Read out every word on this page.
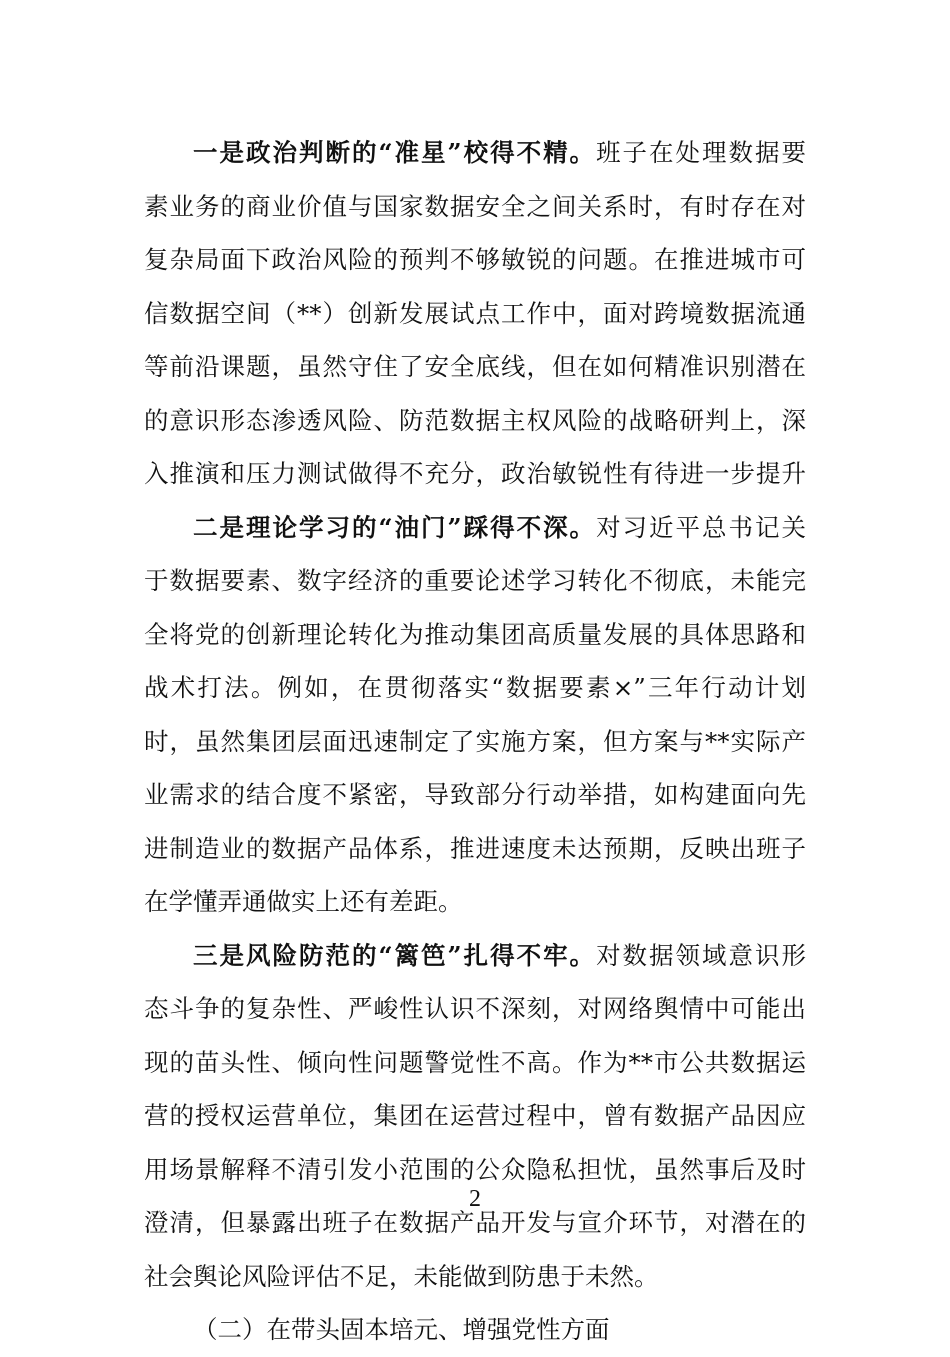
一是政治判断的“准星”校得不精。班子在处理数据要
素业务的商业价值与国家数据安全之间关系时，有时存在对
复杂局面下政治风险的预判不够敏锐的问题。在推进城市可
信数据空间（**）创新发展试点工作中，面对跨境数据流通
等前沿课题，虽然守住了安全底线，但在如何精准识别潜在
的意识形态渗透风险、防范数据主权风险的战略研判上，深
入推演和压力测试做得不充分，政治敏锐性有待进一步提升

二是理论学习的“油门”踩得不深。对习近平总书记关
于数据要素、数字经济的重要论述学习转化不彻底，未能完
全将党的创新理论转化为推动集团高质量发展的具体思路和
战术打法。例如，在贯彻落实“数据要素×”三年行动计划
时，虽然集团层面迅速制定了实施方案，但方案与**实际产
业需求的结合度不紧密，导致部分行动举措，如构建面向先
进制造业的数据产品体系，推进速度未达预期，反映出班子
在学懂弄通做实上还有差距。

三是风险防范的“篱笆”扎得不牢。对数据领域意识形
态斗争的复杂性、严峻性认识不深刻，对网络舆情中可能出
现的苗头性、倾向性问题警觉性不高。作为**市公共数据运
营的授权运营单位，集团在运营过程中，曾有数据产品因应
用场景解释不清引发小范围的公众隐私担忧，虽然事后及时
澄清，但暴露出班子在数据产品开发与宣介环节，对潜在的
社会舆论风险评估不足，未能做到防患于未然。

（二）在带头固本培元、增强党性方面

2
